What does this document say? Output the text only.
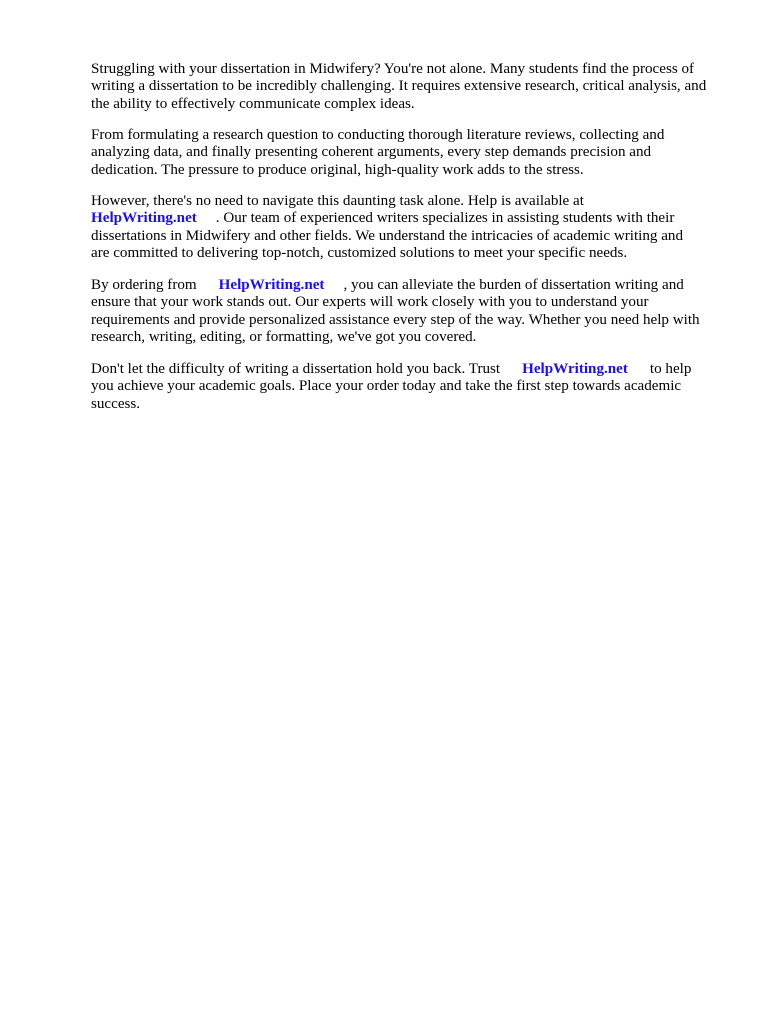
Struggling with your dissertation in Midwifery? You're not alone. Many students find the process of
writing a dissertation to be incredibly challenging. It requires extensive research, critical analysis, and
the ability to effectively communicate complex ideas.

From formulating a research question to conducting thorough literature reviews, collecting and
analyzing data, and finally presenting coherent arguments, every step demands precision and
dedication. The pressure to produce original, high-quality work adds to the stress.

However, there's no need to navigate this daunting task alone. Help is available at
HelpWriting.net . Our team of experienced writers specializes in assisting students with their
dissertations in Midwifery and other fields. We understand the intricacies of academic writing and
are committed to delivering top-notch, customized solutions to meet your specific needs.

By ordering from HelpWriting.net , you can alleviate the burden of dissertation writing and
ensure that your work stands out. Our experts will work closely with you to understand your
requirements and provide personalized assistance every step of the way. Whether you need help with
research, writing, editing, or formatting, we've got you covered.

Don't let the difficulty of writing a dissertation hold you back. Trust HelpWriting.net to help
you achieve your academic goals. Place your order today and take the first step towards academic
success.
